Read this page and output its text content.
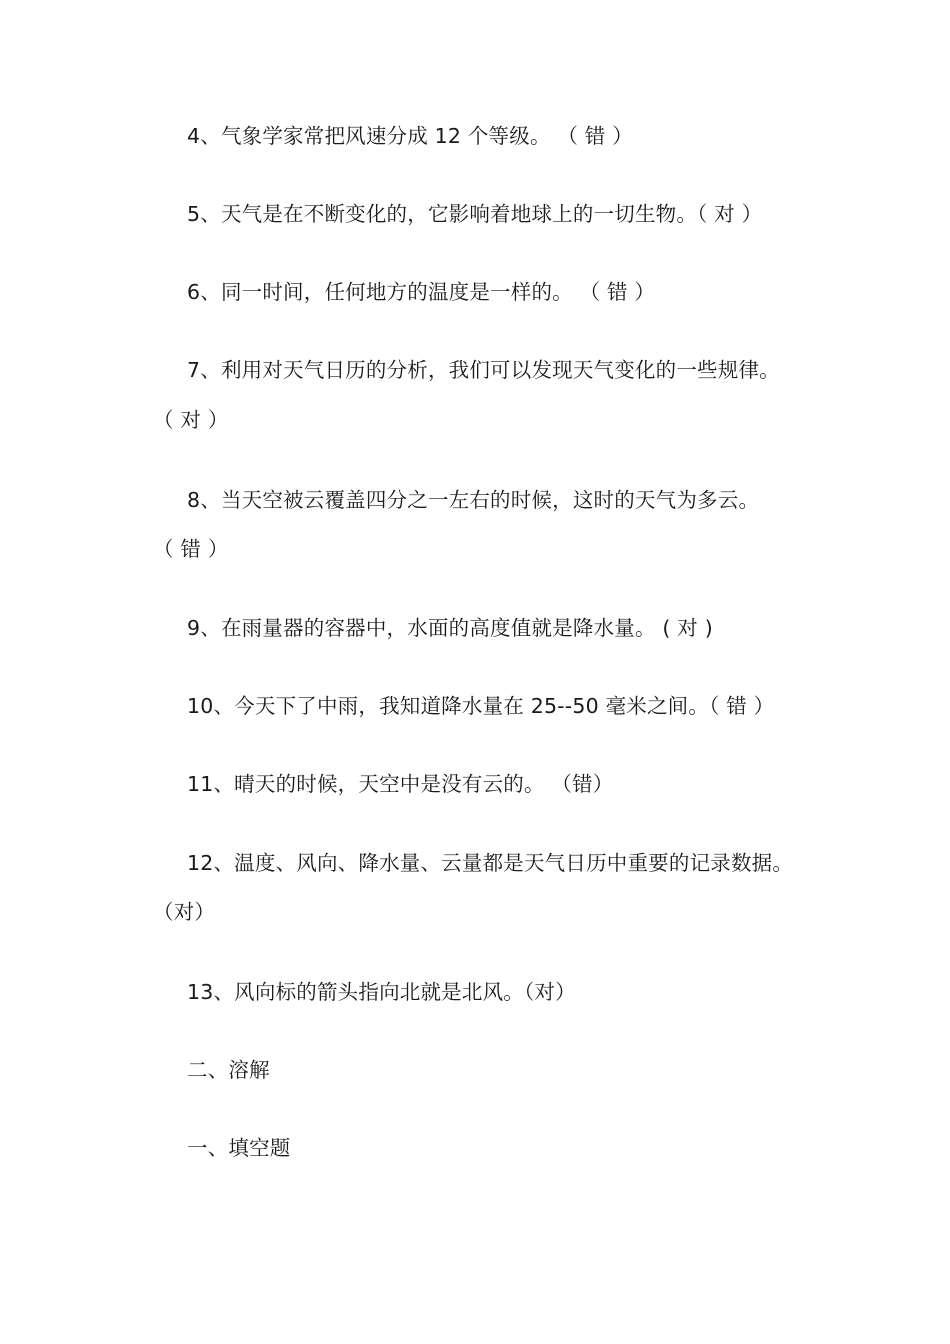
4、气象学家常把风速分成 12 个等级。 （ 错 ）
5、天气是在不断变化的，它影响着地球上的一切生物。（ 对 ）
6、同一时间，任何地方的温度是一样的。 （ 错 ）
7、利用对天气日历的分析，我们可以发现天气变化的一些规律。
（ 对 ）
8、当天空被云覆盖四分之一左右的时候，这时的天气为多云。
（ 错 ）
9、在雨量器的容器中，水面的高度值就是降水量。 ( 对 )
10、今天下了中雨，我知道降水量在 25--50 毫米之间。（ 错 ）
11、晴天的时候，天空中是没有云的。 （错）
12、温度、风向、降水量、云量都是天气日历中重要的记录数据。
（对）
13、风向标的箭头指向北就是北风。（对）
二、溶解
一、填空题
